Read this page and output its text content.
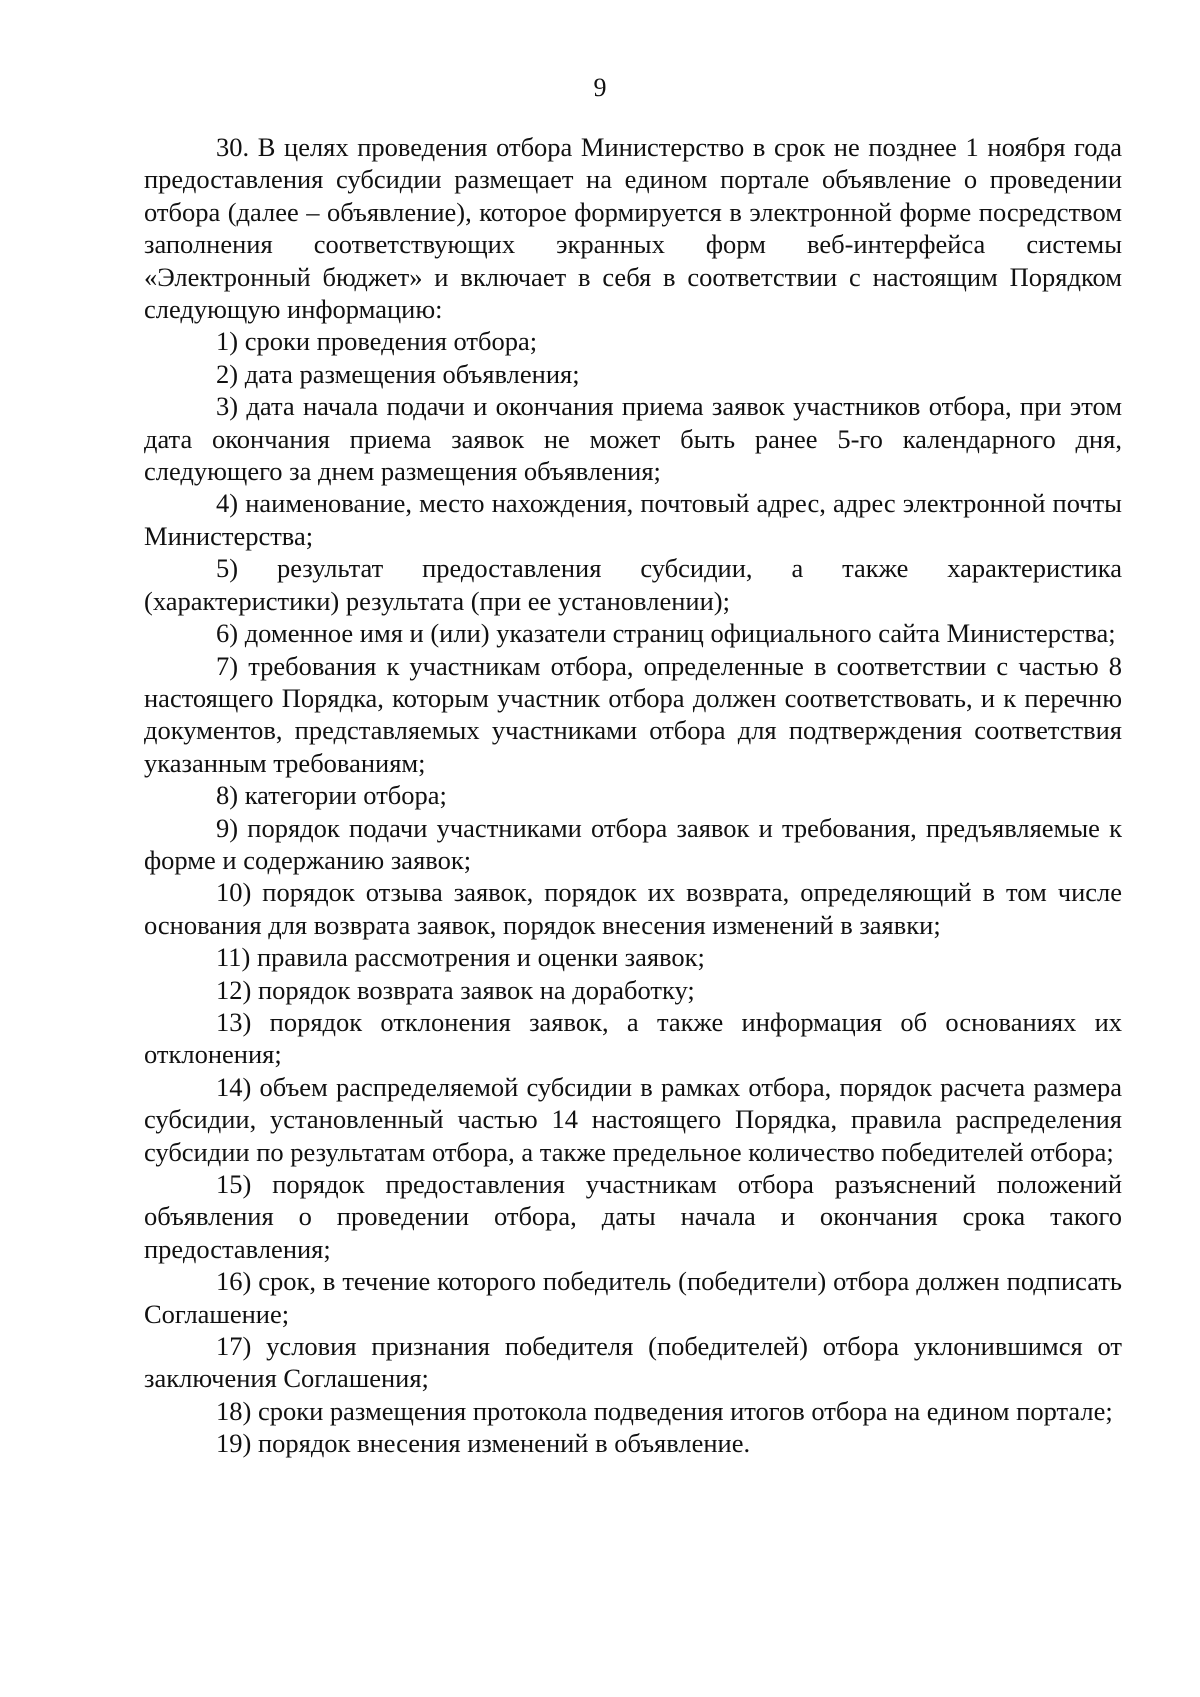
9

30. В целях проведения отбора Министерство в срок не позднее 1 ноября года предоставления субсидии размещает на едином портале объявление о проведении отбора (далее – объявление), которое формируется в электронной форме посредством заполнения соответствующих экранных форм веб-интерфейса системы «Электронный бюджет» и включает в себя в соответствии с настоящим Порядком следующую информацию:

1) сроки проведения отбора;

2) дата размещения объявления;

3) дата начала подачи и окончания приема заявок участников отбора, при этом дата окончания приема заявок не может быть ранее 5-го календарного дня, следующего за днем размещения объявления;

4) наименование, место нахождения, почтовый адрес, адрес электронной почты Министерства;

5) результат предоставления субсидии, а также характеристика (характеристики) результата (при ее установлении);

6) доменное имя и (или) указатели страниц официального сайта Министерства;

7) требования к участникам отбора, определенные в соответствии с частью 8 настоящего Порядка, которым участник отбора должен соответствовать, и к перечню документов, представляемых участниками отбора для подтверждения соответствия указанным требованиям;

8) категории отбора;

9) порядок подачи участниками отбора заявок и требования, предъявляемые к форме и содержанию заявок;

10) порядок отзыва заявок, порядок их возврата, определяющий в том числе основания для возврата заявок, порядок внесения изменений в заявки;

11) правила рассмотрения и оценки заявок;

12) порядок возврата заявок на доработку;

13) порядок отклонения заявок, а также информация об основаниях их отклонения;

14) объем распределяемой субсидии в рамках отбора, порядок расчета размера субсидии, установленный частью 14 настоящего Порядка, правила распределения субсидии по результатам отбора, а также предельное количество победителей отбора;

15) порядок предоставления участникам отбора разъяснений положений объявления о проведении отбора, даты начала и окончания срока такого предоставления;

16) срок, в течение которого победитель (победители) отбора должен подписать Соглашение;

17) условия признания победителя (победителей) отбора уклонившимся от заключения Соглашения;

18) сроки размещения протокола подведения итогов отбора на едином портале;

19) порядок внесения изменений в объявление.
